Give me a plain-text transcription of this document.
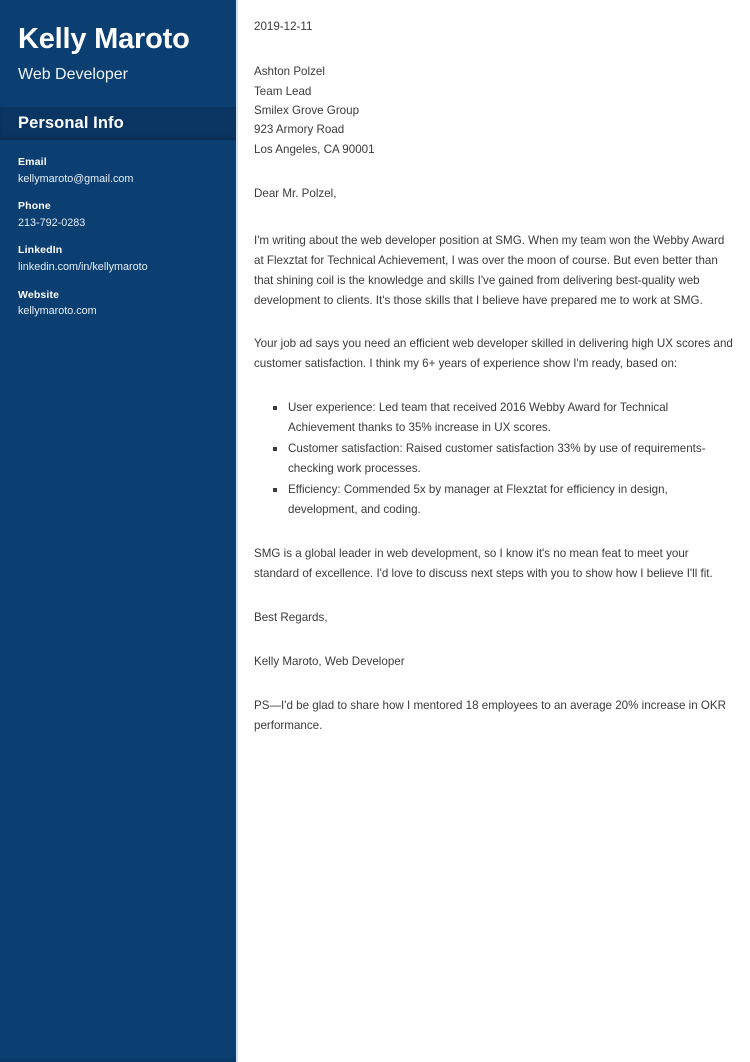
Kelly Maroto

Web Developer

Personal Info
Email
kellymaroto@gmail.com
Phone
213-792-0283
LinkedIn
linkedin.com/in/kellymaroto
Website
kellymaroto.com
2019-12-11
Ashton Polzel
Team Lead
Smilex Grove Group
923 Armory Road
Los Angeles, CA 90001
Dear Mr. Polzel,

I'm writing about the web developer position at SMG. When my team won the Webby Award at Flexztat for Technical Achievement, I was over the moon of course. But even better than that shining coil is the knowledge and skills I've gained from delivering best-quality web development to clients. It's those skills that I believe have prepared me to work at SMG.

Your job ad says you need an efficient web developer skilled in delivering high UX scores and customer satisfaction. I think my 6+ years of experience show I'm ready, based on:

User experience: Led team that received 2016 Webby Award for Technical Achievement thanks to 35% increase in UX scores.
Customer satisfaction: Raised customer satisfaction 33% by use of requirements-checking work processes.
Efficiency: Commended 5x by manager at Flexztat for efficiency in design, development, and coding.

SMG is a global leader in web development, so I know it's no mean feat to meet your standard of excellence. I'd love to discuss next steps with you to show how I believe I'll fit.

Best Regards,
Kelly Maroto, Web Developer

PS—I'd be glad to share how I mentored 18 employees to an average 20% increase in OKR performance.
